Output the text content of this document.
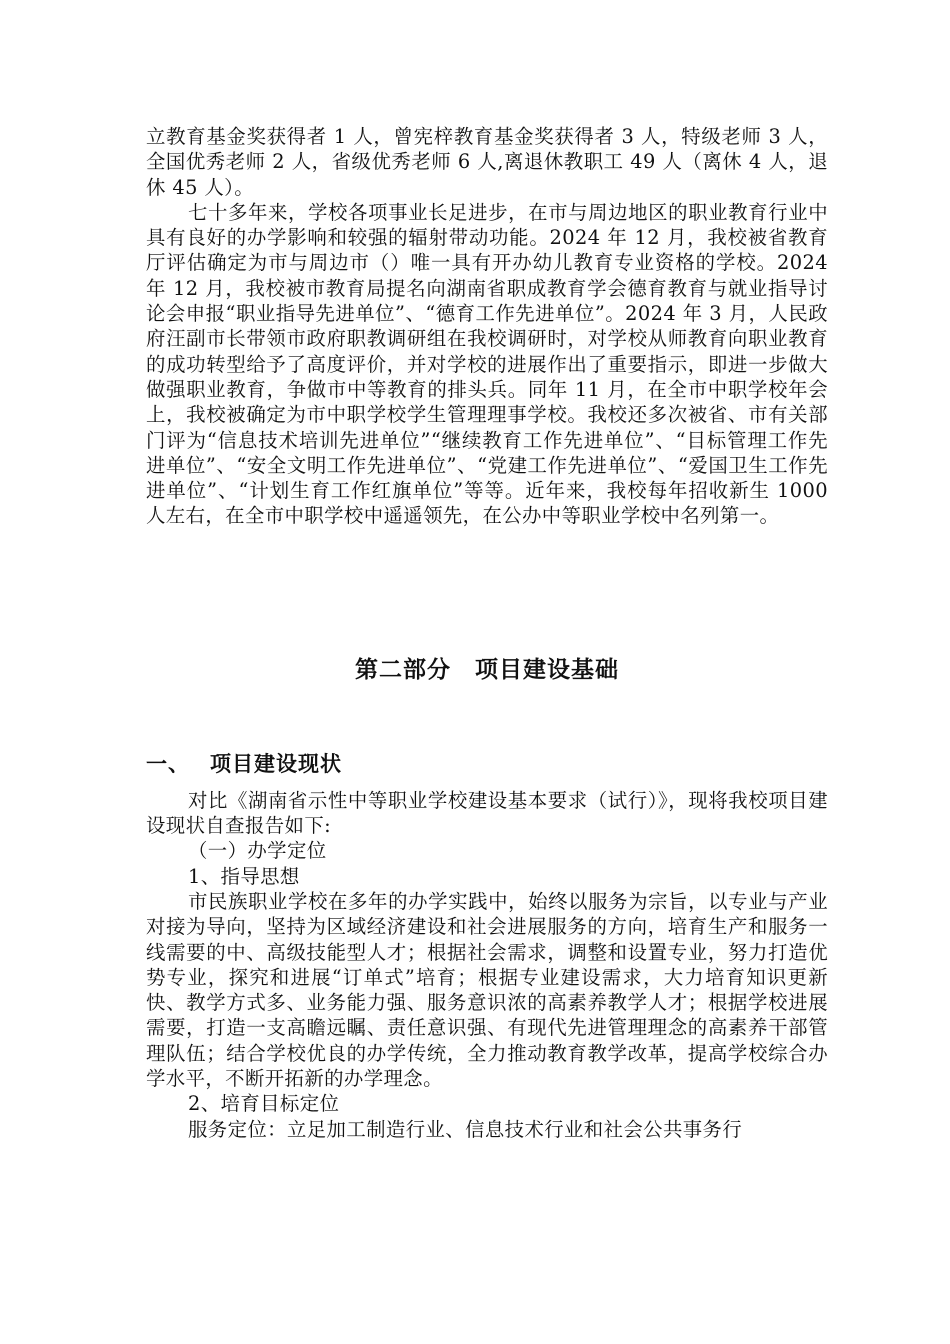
立教育基金奖获得者 1 人，曾宪梓教育基金奖获得者 3 人，特级老师 3 人，全国优秀老师 2 人，省级优秀老师 6 人,离退休教职工 49 人（离休 4 人，退休 45 人）。

七十多年来，学校各项事业长足进步，在市与周边地区的职业教育行业中具有良好的办学影响和较强的辐射带动功能。2024 年 12 月，我校被省教育厅评估确定为市与周边市（）唯一具有开办幼儿教育专业资格的学校。2024 年 12 月，我校被市教育局提名向湖南省职成教育学会德育教育与就业指导讨论会申报“职业指导先进单位”、“德育工作先进单位”。2024 年 3 月，人民政府汪副市长带领市政府职教调研组在我校调研时，对学校从师教育向职业教育的成功转型给予了高度评价，并对学校的进展作出了重要指示，即进一步做大做强职业教育，争做市中等教育的排头兵。同年 11 月，在全市中职学校年会上，我校被确定为市中职学校学生管理理事学校。我校还多次被省、市有关部门评为“信息技术培训先进单位”“继续教育工作先进单位”、“目标管理工作先进单位”、“安全文明工作先进单位”、“党建工作先进单位”、“爱国卫生工作先进单位”、“计划生育工作红旗单位”等等。近年来，我校每年招收新生 1000 人左右，在全市中职学校中遥遥领先，在公办中等职业学校中名列第一。

第二部分　项目建设基础
一、 项目建设现状

对比《湖南省示性中等职业学校建设基本要求（试行）》，现将我校项目建设现状自查报告如下:

（一）办学定位

1、指导思想

市民族职业学校在多年的办学实践中，始终以服务为宗旨，以专业与产业对接为导向，坚持为区域经济建设和社会进展服务的方向，培育生产和服务一线需要的中、高级技能型人才；根据社会需求，调整和设置专业，努力打造优势专业，探究和进展“订单式”培育；根据专业建设需求，大力培育知识更新快、教学方式多、业务能力强、服务意识浓的高素养教学人才；根据学校进展需要，打造一支高瞻远瞩、责任意识强、有现代先进管理理念的高素养干部管理队伍；结合学校优良的办学传统，全力推动教育教学改革，提高学校综合办学水平，不断开拓新的办学理念。

2、培育目标定位

服务定位：立足加工制造行业、信息技术行业和社会公共事务行
